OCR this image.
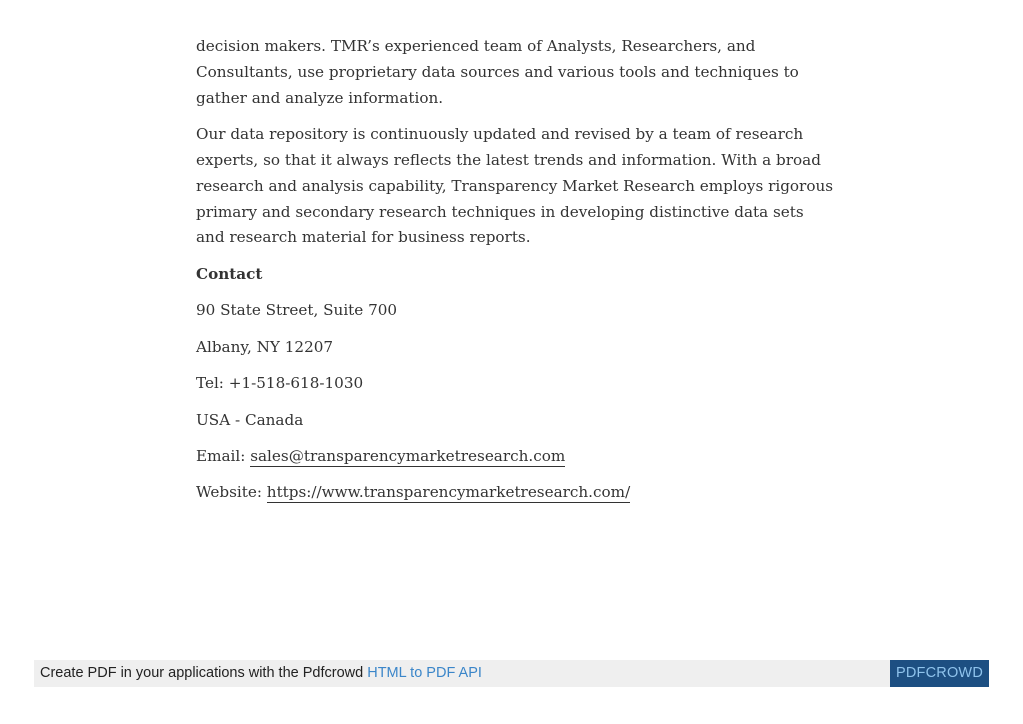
decision makers. TMR’s experienced team of Analysts, Researchers, and Consultants, use proprietary data sources and various tools and techniques to gather and analyze information.

Our data repository is continuously updated and revised by a team of research experts, so that it always reflects the latest trends and information. With a broad research and analysis capability, Transparency Market Research employs rigorous primary and secondary research techniques in developing distinctive data sets and research material for business reports.

Contact

90 State Street, Suite 700

Albany, NY 12207

Tel: +1-518-618-1030

USA - Canada

Email: sales@transparencymarketresearch.com

Website: https://www.transparencymarketresearch.com/

Create PDF in your applications with the Pdfcrowd HTML to PDF API	PDFCROWD
